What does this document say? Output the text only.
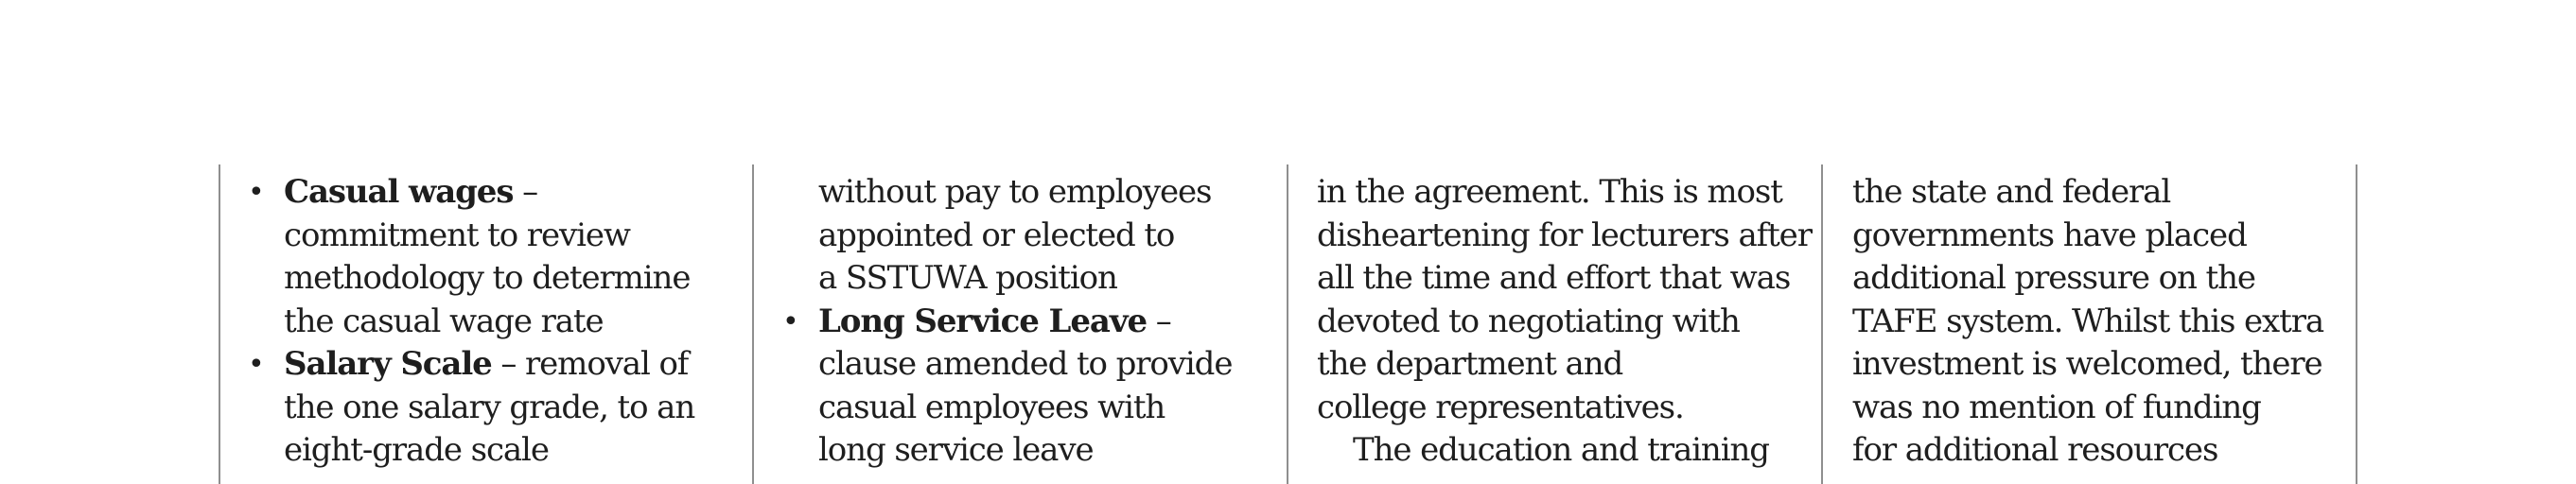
• Casual wages –
commitment to review
methodology to determine
the casual wage rate
• Salary Scale – removal of
the one salary grade, to an
eight-grade scale
without pay to employees
appointed or elected to
a SSTUWA position
• Long Service Leave –
clause amended to provide
casual employees with
long service leave

in the agreement. This is most
disheartening for lecturers after
all the time and effort that was
devoted to negotiating with
the department and
college representatives.

The education and training

the state and federal
governments have placed
additional pressure on the
TAFE system. Whilst this extra
investment is welcomed, there
was no mention of funding
for additional resources
